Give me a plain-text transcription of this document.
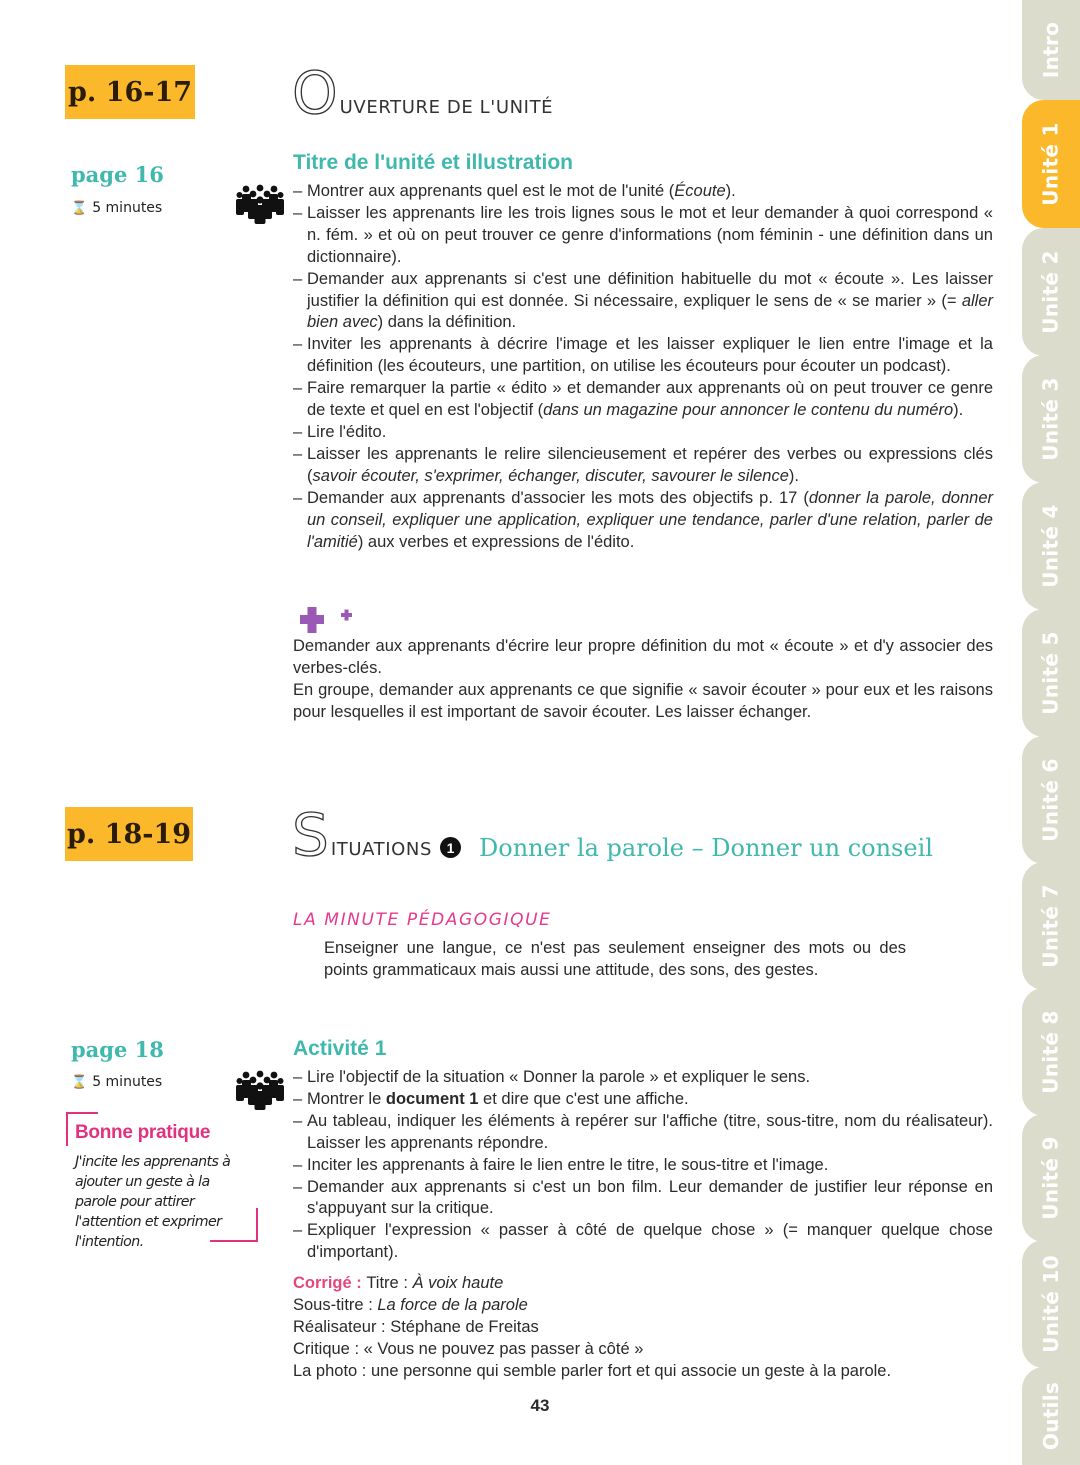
p. 16-17 O UVERTURE DE L'UNITÉ
page 16
⌛ 5 minutes
Titre de l'unité et illustration
– Montrer aux apprenants quel est le mot de l'unité (Écoute).
– Laisser les apprenants lire les trois lignes sous le mot et leur demander à quoi correspond « n. fém. » et où on peut trouver ce genre d'informations (nom féminin - une définition dans un dictionnaire).
– Demander aux apprenants si c'est une définition habituelle du mot « écoute ». Les laisser justifier la définition qui est donnée. Si nécessaire, expliquer le sens de « se marier » (= aller bien avec) dans la définition.
– Inviter les apprenants à décrire l'image et les laisser expliquer le lien entre l'image et la définition (les écouteurs, une partition, on utilise les écouteurs pour écouter un podcast).
– Faire remarquer la partie « édito » et demander aux apprenants où on peut trouver ce genre de texte et quel en est l'objectif (dans un magazine pour annoncer le contenu du numéro).
– Lire l'édito.
– Laisser les apprenants le relire silencieusement et repérer des verbes ou expressions clés (savoir écouter, s'exprimer, échanger, discuter, savourer le silence).
– Demander aux apprenants d'associer les mots des objectifs p. 17 (donner la parole, donner un conseil, expliquer une application, expliquer une tendance, parler d'une relation, parler de l'amitié) aux verbes et expressions de l'édito.

Demander aux apprenants d'écrire leur propre définition du mot « écoute » et d'y associer des verbes-clés.

En groupe, demander aux apprenants ce que signifie « savoir écouter » pour eux et les raisons pour lesquelles il est important de savoir écouter. Les laisser échanger.

p. 18-19 S ITUATIONS	1 Donner la parole – Donner un conseil
LA MINUTE PÉDAGOGIQUE
Enseigner une langue, ce n'est pas seulement enseigner des mots ou des points grammaticaux mais aussi une attitude, des sons, des gestes.
page 18
⌛ 5 minutes
Bonne pratique
J'incite les apprenants à ajouter un geste à la parole pour attirer l'attention et exprimer l'intention.
Activité 1
– Lire l'objectif de la situation « Donner la parole » et expliquer le sens.
– Montrer le document 1 et dire que c'est une affiche.
– Au tableau, indiquer les éléments à repérer sur l'affiche (titre, sous-titre, nom du réalisateur). Laisser les apprenants répondre.
– Inciter les apprenants à faire le lien entre le titre, le sous-titre et l'image.
– Demander aux apprenants si c'est un bon film. Leur demander de justifier leur réponse en s'appuyant sur la critique.
– Expliquer l'expression « passer à côté de quelque chose » (= manquer quelque chose d'important).
Corrigé : Titre : À voix haute
Sous-titre : La force de la parole
Réalisateur : Stéphane de Freitas
Critique : « Vous ne pouvez pas passer à côté »
La photo : une personne qui semble parler fort et qui associe un geste à la parole.
43
Intro
Unité 1
Unité 2
Unité 3
Unité 4
Unité 5
Unité 6
Unité 7
Unité 8
Unité 9
Unité 10
Outils
